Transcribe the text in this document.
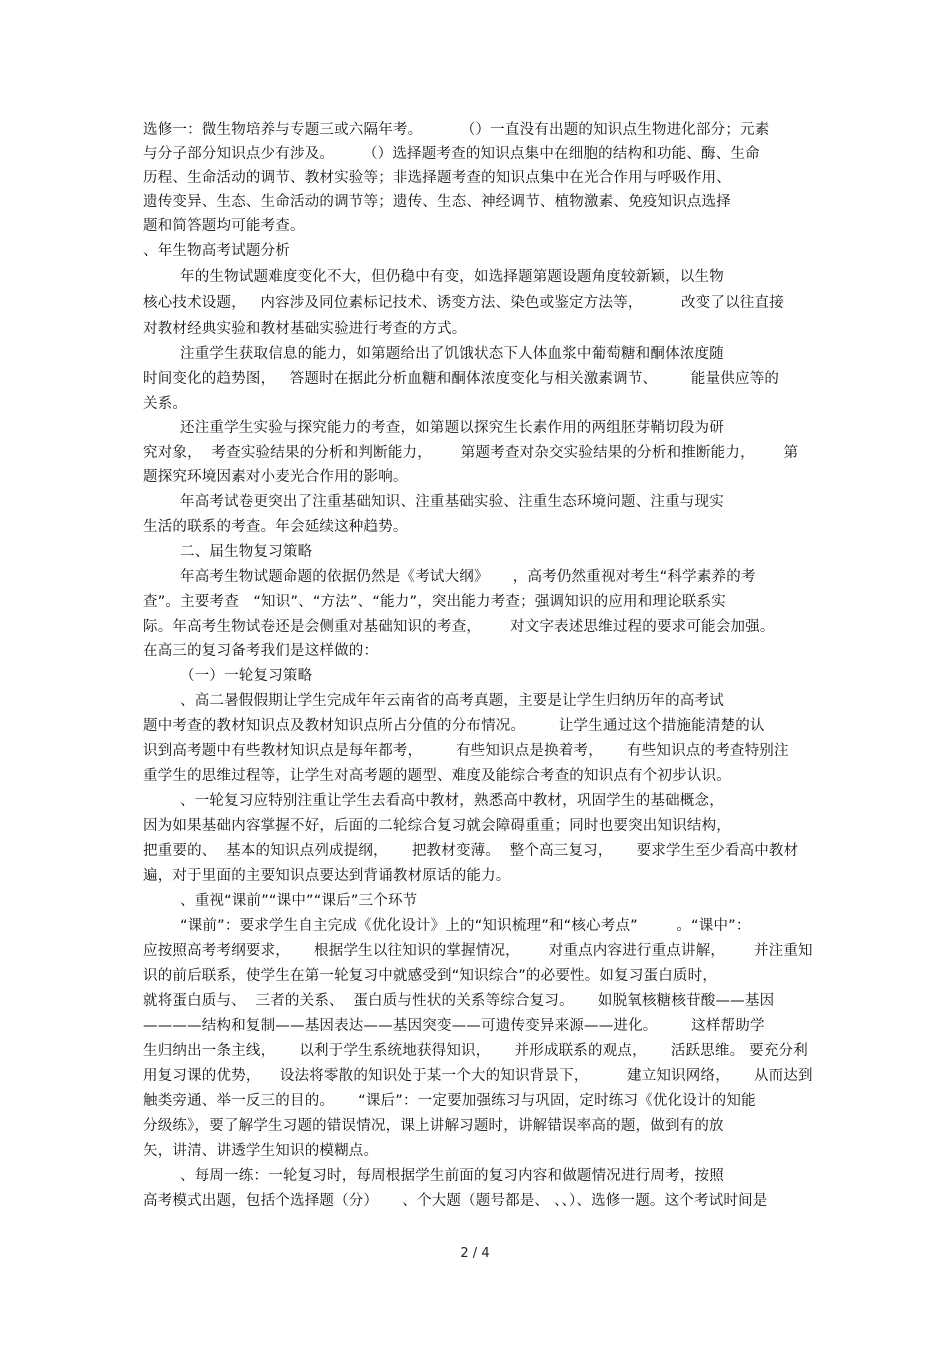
选修一：微生物培养与专题三或六隔年考。        （）一直没有出题的知识点生物进化部分；元素
与分子部分知识点少有涉及。      （）选择题考查的知识点集中在细胞的结构和功能、酶、生命
历程、生命活动的调节、教材实验等；非选择题考查的知识点集中在光合作用与呼吸作用、
遗传变异、生态、生命活动的调节等；遗传、生态、神经调节、植物激素、免疫知识点选择
题和简答题均可能考查。
、年生物高考试题分析
年的生物试题难度变化不大，但仍稳中有变，如选择题第题设题角度较新颖，以生物
核心技术设题，   内容涉及同位素标记技术、诱变方法、染色或鉴定方法等，        改变了以往直接
对教材经典实验和教材基础实验进行考查的方式。
注重学生获取信息的能力，如第题给出了饥饿状态下人体血浆中葡萄糖和酮体浓度随
时间变化的趋势图，   答题时在据此分析血糖和酮体浓度变化与相关激素调节、       能量供应等的
关系。
还注重学生实验与探究能力的考查，如第题以探究生长素作用的两组胚芽鞘切段为研
究对象，  考查实验结果的分析和判断能力，      第题考查对杂交实验结果的分析和推断能力，      第
题探究环境因素对小麦光合作用的影响。
年高考试卷更突出了注重基础知识、注重基础实验、注重生态环境问题、注重与现实
生活的联系的考查。年会延续这种趋势。
二、届生物复习策略
年高考生物试题命题的依据仍然是《考试大纲》     ，高考仍然重视对考生“科学素养的考
查”。主要考查   “知识”、“方法”、“能力”，突出能力考查；强调知识的应用和理论联系实
际。年高考生物试卷还是会侧重对基础知识的考查，      对文字表述思维过程的要求可能会加强。
在高三的复习备考我们是这样做的：
（一）一轮复习策略
、高二暑假假期让学生完成年年云南省的高考真题，主要是让学生归纳历年的高考试
题中考查的教材知识点及教材知识点所占分值的分布情况。       让学生通过这个措施能清楚的认
识到高考题中有些教材知识点是每年都考，       有些知识点是换着考，     有些知识点的考查特别注
重学生的思维过程等，让学生对高考题的题型、难度及能综合考查的知识点有个初步认识。
、一轮复习应特别注重让学生去看高中教材，熟悉高中教材，巩固学生的基础概念，
因为如果基础内容掌握不好，后面的二轮综合复习就会障碍重重；同时也要突出知识结构，
把重要的、  基本的知识点列成提纲，     把教材变薄。  整个高三复习，     要求学生至少看高中教材
遍，对于里面的主要知识点要达到背诵教材原话的能力。
、重视“课前”“课中”“课后”三个环节
“课前”：要求学生自主完成《优化设计》上的“知识梳理”和“核心考点”        。“课中”：
应按照高考考纲要求，     根据学生以往知识的掌握情况，      对重点内容进行重点讲解，      并注重知
识的前后联系，使学生在第一轮复习中就感受到“知识综合”的必要性。如复习蛋白质时，
就将蛋白质与、  三者的关系、  蛋白质与性状的关系等综合复习。     如脱氧核糖核苷酸——基因
————结构和复制——基因表达——基因突变——可遗传变异来源——进化。       这样帮助学
生归纳出一条主线，     以利于学生系统地获得知识，     并形成联系的观点，     活跃思维。 要充分利
用复习课的优势，    设法将零散的知识处于某一个大的知识背景下，        建立知识网络，     从而达到
触类旁通、举一反三的目的。     “课后”：一定要加强练习与巩固，定时练习《优化设计的知能
分级练》，要了解学生习题的错误情况，课上讲解习题时，讲解错误率高的题，做到有的放
矢，讲清、讲透学生知识的模糊点。
、每周一练：一轮复习时，每周根据学生前面的复习内容和做题情况进行周考，按照
高考模式出题，包括个选择题（分）     、个大题（题号都是、 、、）、选修一题。这个考试时间是
2 / 4
